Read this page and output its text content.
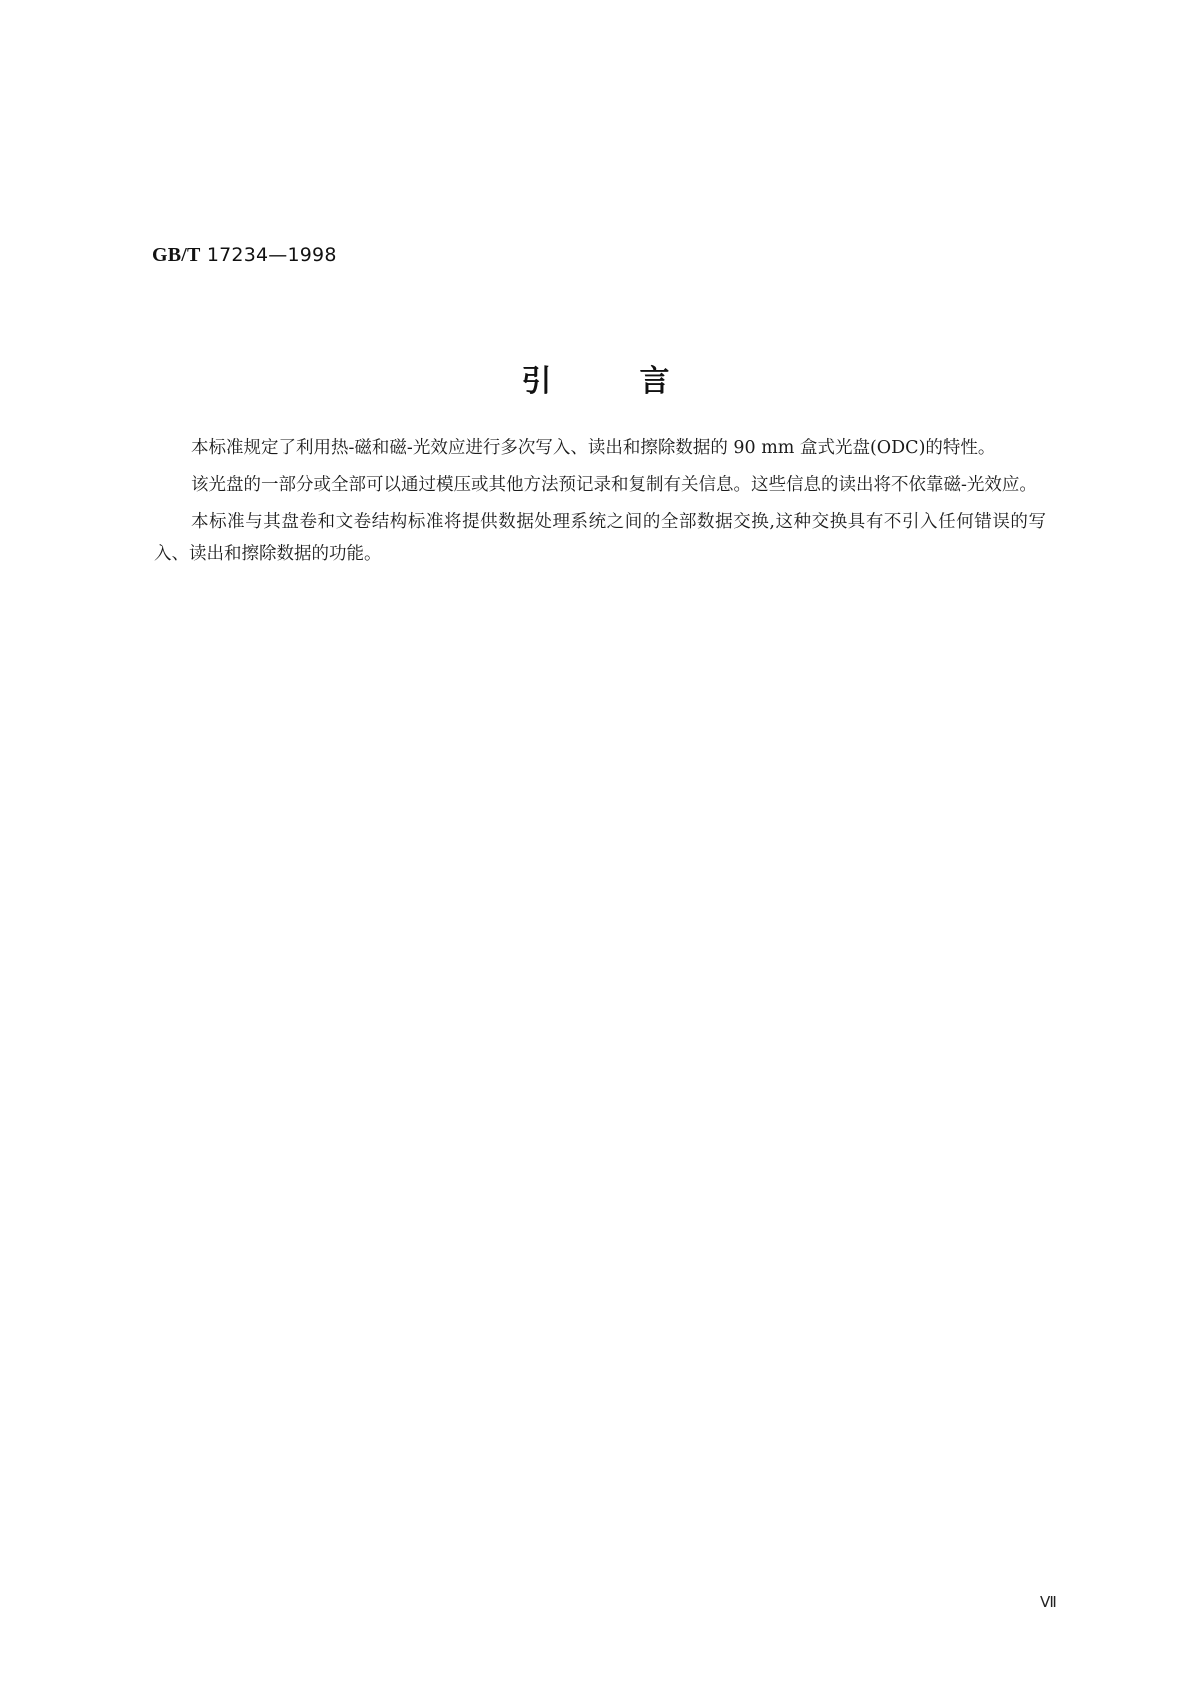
GB/T 17234—1998
引言

本标准规定了利用热-磁和磁-光效应进行多次写入、读出和擦除数据的 90 mm 盒式光盘(ODC)的特性。

该光盘的一部分或全部可以通过模压或其他方法预记录和复制有关信息。这些信息的读出将不依靠磁-光效应。

本标准与其盘卷和文卷结构标准将提供数据处理系统之间的全部数据交换,这种交换具有不引入任何错误的写入、读出和擦除数据的功能。

Ⅶ
